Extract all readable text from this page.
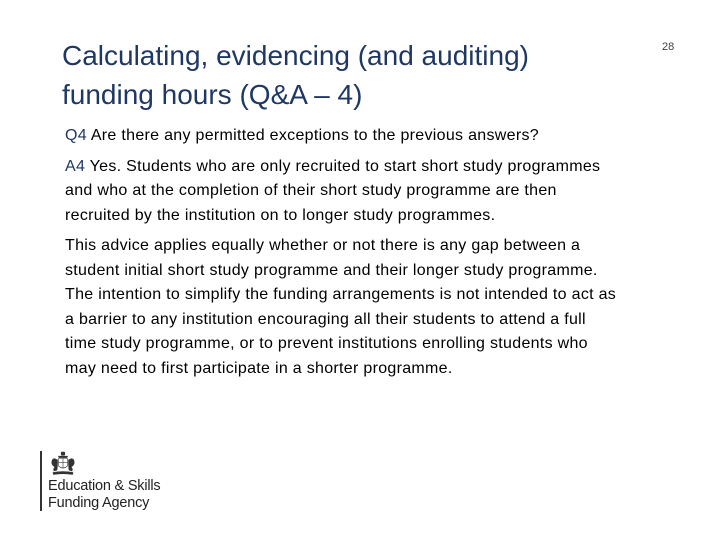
Calculating, evidencing (and auditing)
funding hours (Q&A – 4)
28

Q4 Are there any permitted exceptions to the previous answers?

A4 Yes. Students who are only recruited to start short study programmes
and who at the completion of their short study programme are then
recruited by the institution on to longer study programmes.

This advice applies equally whether or not there is any gap between a
student initial short study programme and their longer study programme.
The intention to simplify the funding arrangements is not intended to act as
a barrier to any institution encouraging all their students to attend a full
time study programme, or to prevent institutions enrolling students who
may need to first participate in a shorter programme.

Education & Skills
Funding Agency
